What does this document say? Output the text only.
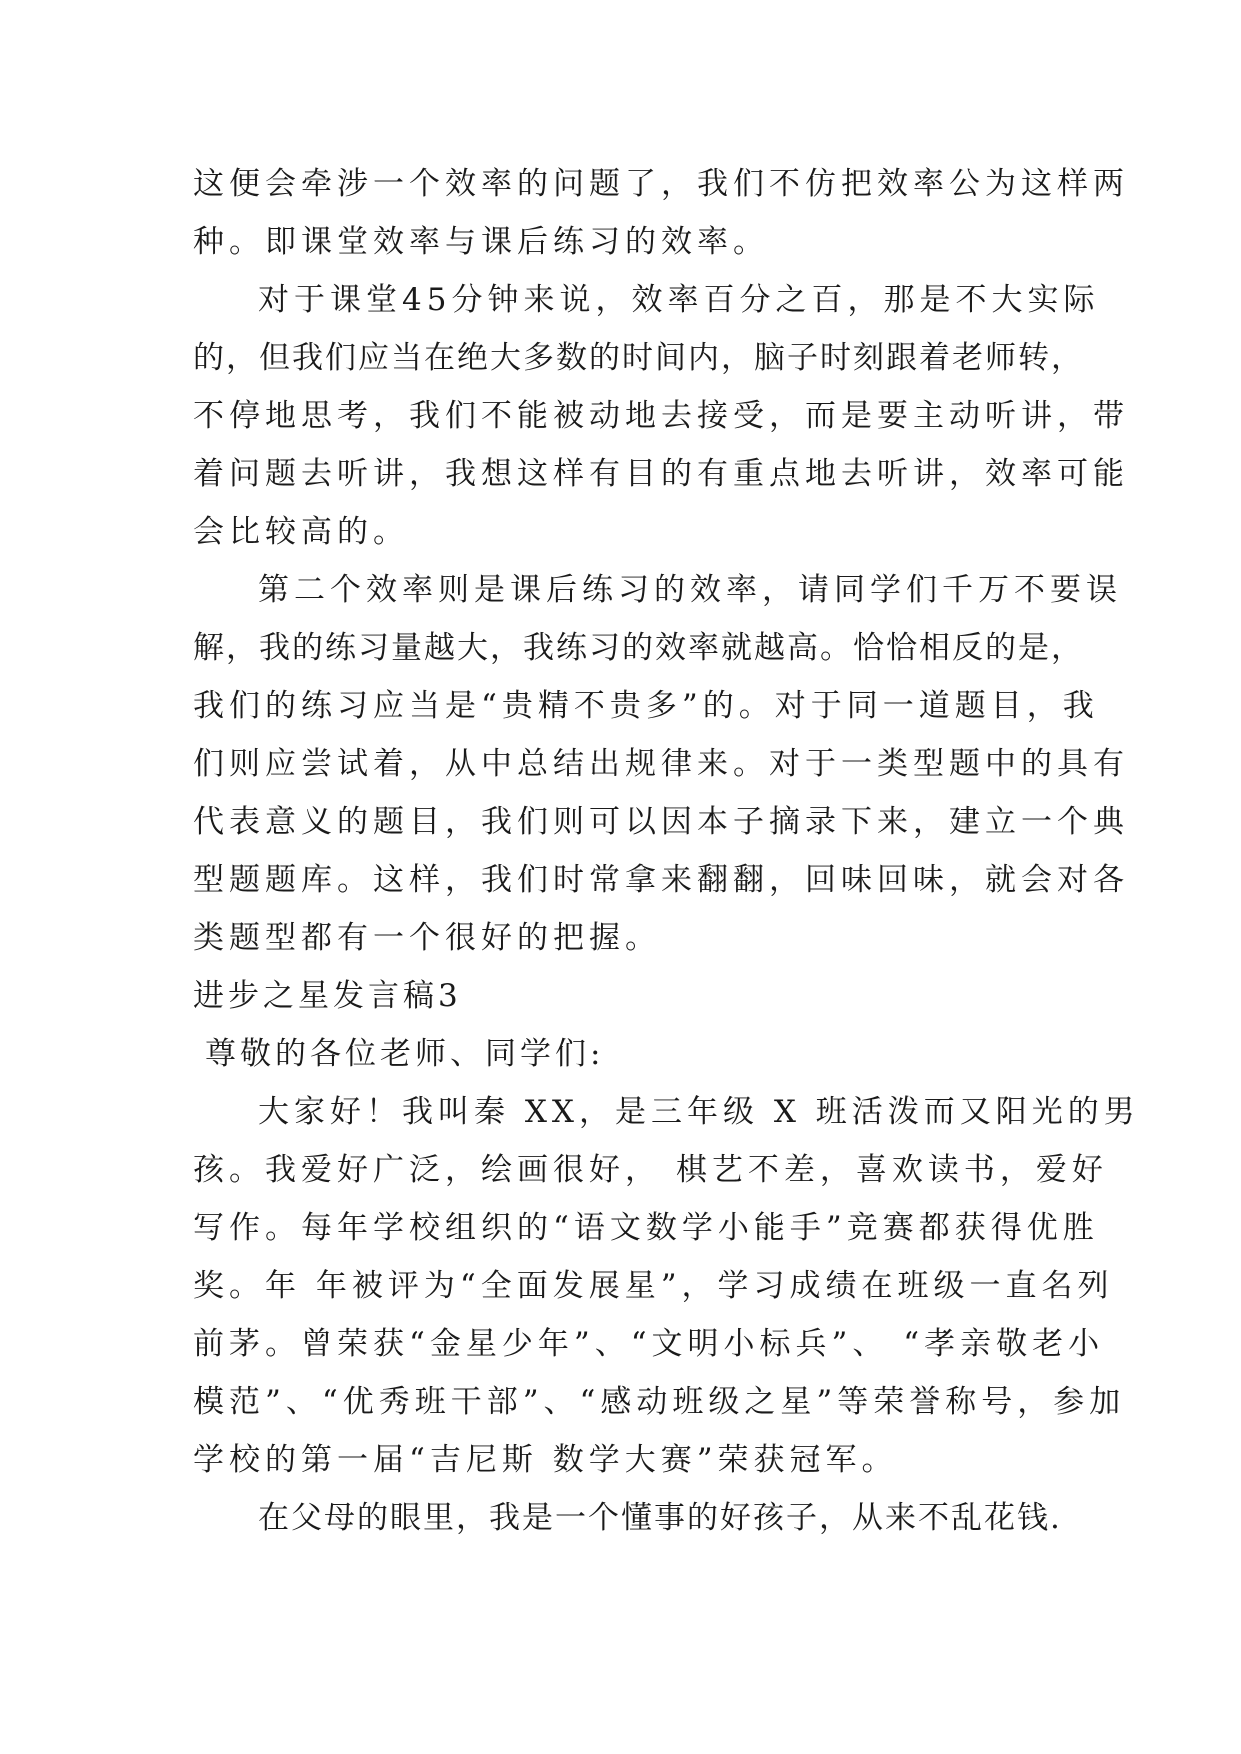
这便会牵涉一个效率的问题了，我们不仿把效率公为这样两
种。即课堂效率与课后练习的效率。
对于课堂45分钟来说，效率百分之百，那是不大实际
的，但我们应当在绝大多数的时间内，脑子时刻跟着老师转，
不停地思考，我们不能被动地去接受，而是要主动听讲，带
着问题去听讲，我想这样有目的有重点地去听讲，效率可能
会比较高的。
第二个效率则是课后练习的效率，请同学们千万不要误
解，我的练习量越大，我练习的效率就越高。恰恰相反的是，
我们的练习应当是“贵精不贵多”的。对于同一道题目，我
们则应尝试着，从中总结出规律来。对于一类型题中的具有
代表意义的题目，我们则可以因本子摘录下来，建立一个典
型题题库。这样，我们时常拿来翻翻，回味回味，就会对各
类题型都有一个很好的把握。
进步之星发言稿3
尊敬的各位老师、同学们:
大家好！我叫秦 XX，是三年级 X 班活泼而又阳光的男
孩。我爱好广泛，绘画很好， 棋艺不差，喜欢读书，爱好
写作。每年学校组织的“语文数学小能手”竞赛都获得优胜
奖。年 年被评为“全面发展星”，学习成绩在班级一直名列
前茅。曾荣获“金星少年”、“文明小标兵”、 “孝亲敬老小
模范”、“优秀班干部”、“感动班级之星”等荣誉称号，参加
学校的第一届“吉尼斯 数学大赛”荣获冠军。
在父母的眼里，我是一个懂事的好孩子，从来不乱花钱.
